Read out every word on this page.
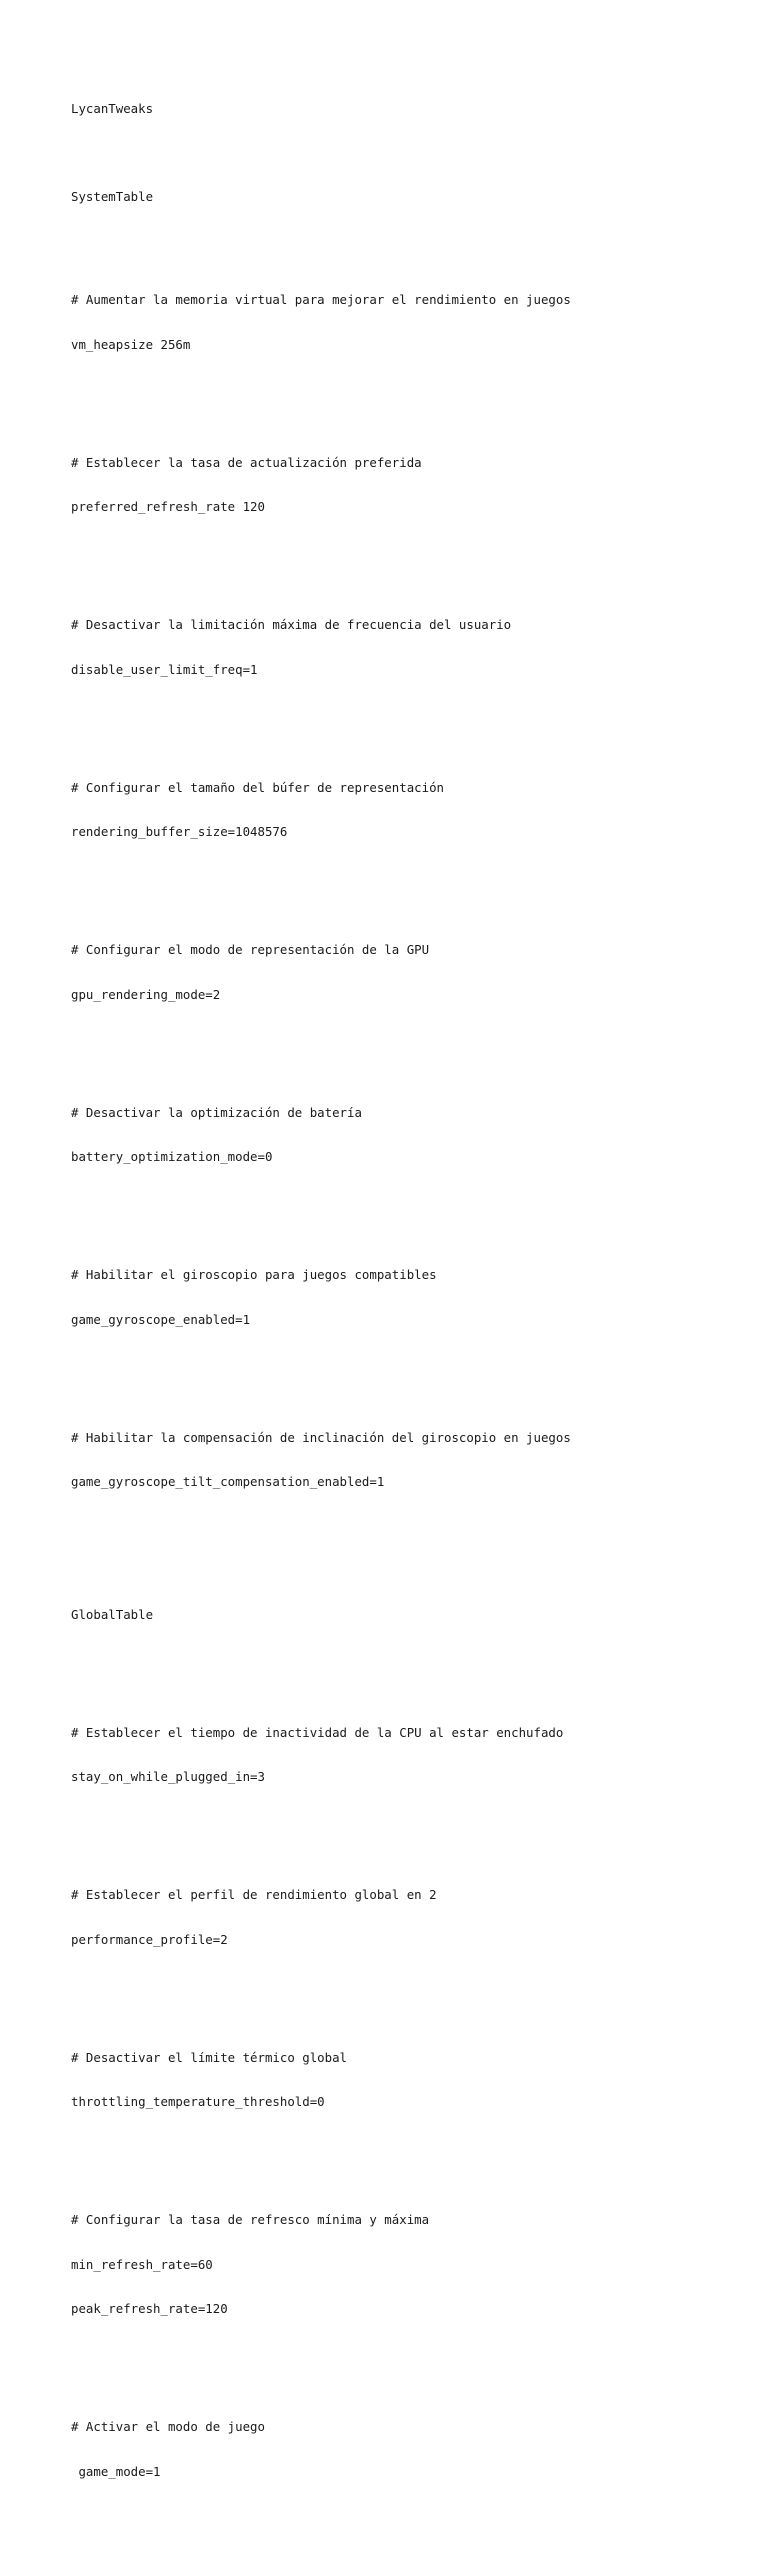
LycanTweaks

SystemTable

# Aumentar la memoria virtual para mejorar el rendimiento en juegos

vm_heapsize 256m

# Establecer la tasa de actualización preferida

preferred_refresh_rate 120

# Desactivar la limitación máxima de frecuencia del usuario

disable_user_limit_freq=1

# Configurar el tamaño del búfer de representación

rendering_buffer_size=1048576

# Configurar el modo de representación de la GPU

gpu_rendering_mode=2

# Desactivar la optimización de batería

battery_optimization_mode=0

# Habilitar el giroscopio para juegos compatibles

game_gyroscope_enabled=1

# Habilitar la compensación de inclinación del giroscopio en juegos

game_gyroscope_tilt_compensation_enabled=1

GlobalTable

# Establecer el tiempo de inactividad de la CPU al estar enchufado

stay_on_while_plugged_in=3

# Establecer el perfil de rendimiento global en 2

performance_profile=2

# Desactivar el límite térmico global

throttling_temperature_threshold=0

# Configurar la tasa de refresco mínima y máxima

min_refresh_rate=60

peak_refresh_rate=120

# Activar el modo de juego

game_mode=1
